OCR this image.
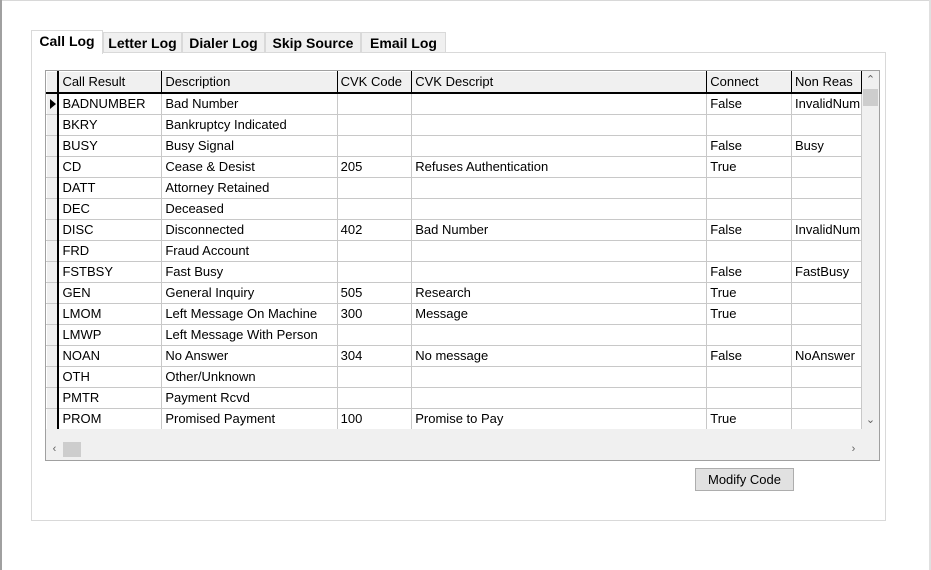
Call Log Letter Log Dialer Log	Skip Source	Email Log
	Call Result	Description	CVK Code	CVK Descript	Connect	Non Reas

	BADNUMBER	Bad Number			False	InvalidNum
	BKRY	Bankruptcy Indicated				
	BUSY	Busy Signal			False	Busy
	CD	Cease & Desist	205	Refuses Authentication	True	
	DATT	Attorney Retained				
	DEC	Deceased				
	DISC	Disconnected	402	Bad Number	False	InvalidNum
	FRD	Fraud Account				
	FSTBSY	Fast Busy			False	FastBusy
	GEN	General Inquiry	505	Research	True	
	LMOM	Left Message On Machine	300	Message	True	
	LMWP	Left Message With Person				
	NOAN	No Answer	304	No message	False	NoAnswer
	OTH	Other/Unknown				
	PMTR	Payment Rcvd				
	PROM	Promised Payment	100	Promise to Pay	True	
⌃
⌄
‹	›
Modify Code
